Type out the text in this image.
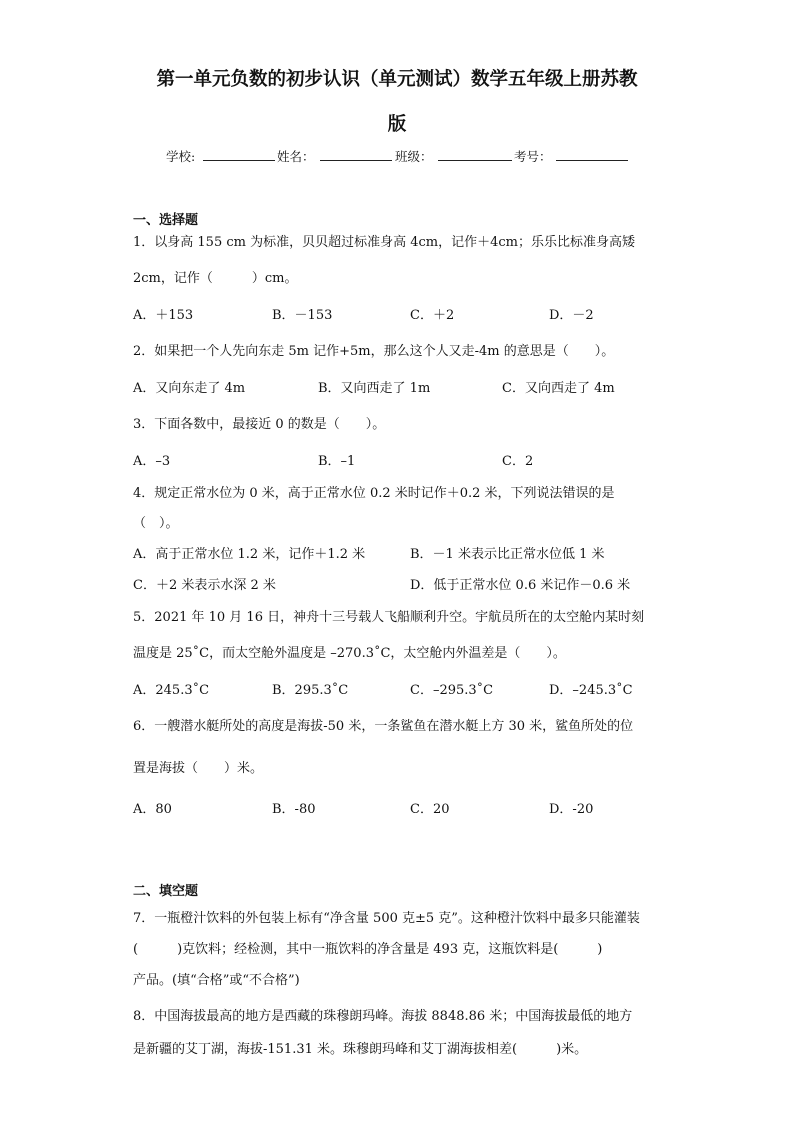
第一单元负数的初步认识（单元测试）数学五年级上册苏教
版
学校:	姓名：	班级：	考号：
一、选择题
1．以身高 155 cm 为标准，贝贝超过标准身高 4cm，记作＋4cm；乐乐比标准身高矮
2cm，记作（　　　）cm。
A．＋153	B．－153	C．＋2	D．－2
2．如果把一个人先向东走 5m 记作+5m，那么这个人又走-4m 的意思是（　　）。
A．又向东走了 4m	B．又向西走了 1m	C．又向西走了 4m
3．下面各数中，最接近 0 的数是（　　）。
A．–3	B．–1	C．2
4．规定正常水位为 0 米，高于正常水位 0.2 米时记作＋0.2 米，下列说法错误的是
（　）。
A．高于正常水位 1.2 米，记作＋1.2 米	B．－1 米表示比正常水位低 1 米
C．＋2 米表示水深 2 米	D．低于正常水位 0.6 米记作－0.6 米
5．2021 年 10 月 16 日，神舟十三号载人飞船顺利升空。宇航员所在的太空舱内某时刻
温度是 25˚C，而太空舱外温度是 –270.3˚C，太空舱内外温差是（　　）。
A．245.3˚C	B．295.3˚C	C．–295.3˚C	D．–245.3˚C
6．一艘潜水艇所处的高度是海拔-50 米，一条鲨鱼在潜水艇上方 30 米，鲨鱼所处的位
置是海拔（　　）米。
A．80	B．-80	C．20	D．-20
二、填空题
7．一瓶橙汁饮料的外包装上标有“净含量 500 克±5 克”。这种橙汁饮料中最多只能灌装
(　　　)克饮料；经检测，其中一瓶饮料的净含量是 493 克，这瓶饮料是(　　　)
产品。(填“合格”或“不合格”)
8．中国海拔最高的地方是西藏的珠穆朗玛峰。海拔 8848.86 米；中国海拔最低的地方
是新疆的艾丁湖，海拔-151.31 米。珠穆朗玛峰和艾丁湖海拔相差(　　　)米。
